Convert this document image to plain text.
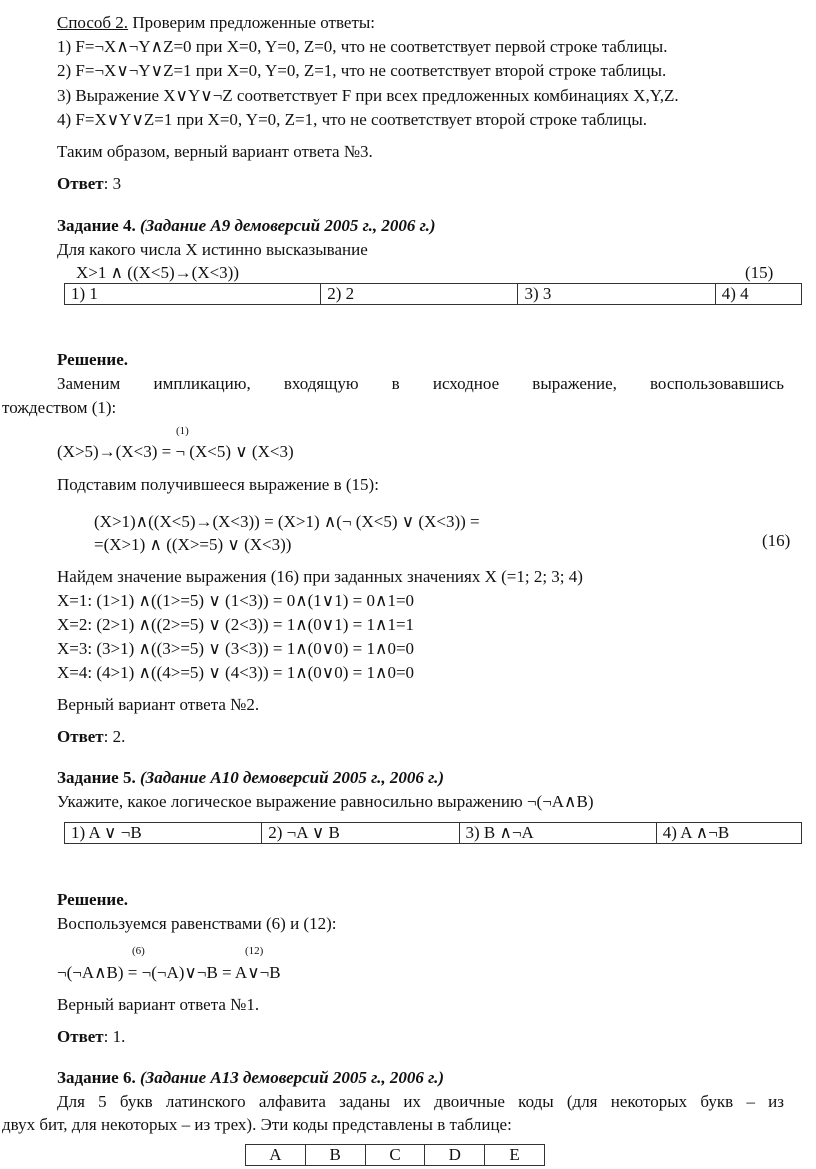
Способ 2. Проверим предложенные ответы:
1) F=¬X∧¬Y∧Z=0 при X=0, Y=0, Z=0, что не соответствует первой строке таблицы.
2) F=¬X∨¬Y∨Z=1 при X=0, Y=0, Z=1, что не соответствует второй строке таблицы.
3) Выражение X∨Y∨¬Z соответствует F при всех предложенных комбинациях X,Y,Z.
4) F=X∨Y∨Z=1 при X=0, Y=0, Z=1, что не соответствует второй строке таблицы.
Таким образом, верный вариант ответа №3.
Ответ: 3
Задание 4. (Задание А9 демоверсий 2005 г., 2006 г.)
Для какого числа X истинно высказывание
X>1 ∧ ((X<5)→(X<3))	(15)
1) 1	2) 2	3) 3	4) 4
Решение.
Заменим импликацию, входящую в исходное выражение, воспользовавшись
тождеством (1):
(1)
(X>5)→(X<3) = ¬ (X<5) ∨ (X<3)
Подставим получившееся выражение в (15):
(X>1)∧((X<5)→(X<3)) = (X>1) ∧(¬ (X<5) ∨ (X<3)) =
=(X>1) ∧ ((X>=5) ∨ (X<3))	(16)
Найдем значение выражения (16) при заданных значениях X (=1; 2; 3; 4)
X=1: (1>1) ∧((1>=5) ∨ (1<3)) = 0∧(1∨1) = 0∧1=0
X=2: (2>1) ∧((2>=5) ∨ (2<3)) = 1∧(0∨1) = 1∧1=1
X=3: (3>1) ∧((3>=5) ∨ (3<3)) = 1∧(0∨0) = 1∧0=0
X=4: (4>1) ∧((4>=5) ∨ (4<3)) = 1∧(0∨0) = 1∧0=0
Верный вариант ответа №2.
Ответ: 2.
Задание 5. (Задание А10 демоверсий 2005 г., 2006 г.)
Укажите, какое логическое выражение равносильно выражению ¬(¬A∧B)
1) A ∨ ¬B	2) ¬A ∨ B	3) B ∧¬A	4) A ∧¬B
Решение.
Воспользуемся равенствами (6) и (12):
(6)	(12)
¬(¬A∧B) = ¬(¬A)∨¬B = A∨¬B
Верный вариант ответа №1.
Ответ: 1.
Задание 6. (Задание А13 демоверсий 2005 г., 2006 г.)
Для 5 букв латинского алфавита заданы их двоичные коды (для некоторых букв – из
двух бит, для некоторых – из трех). Эти коды представлены в таблице:
A	B	C	D	E
